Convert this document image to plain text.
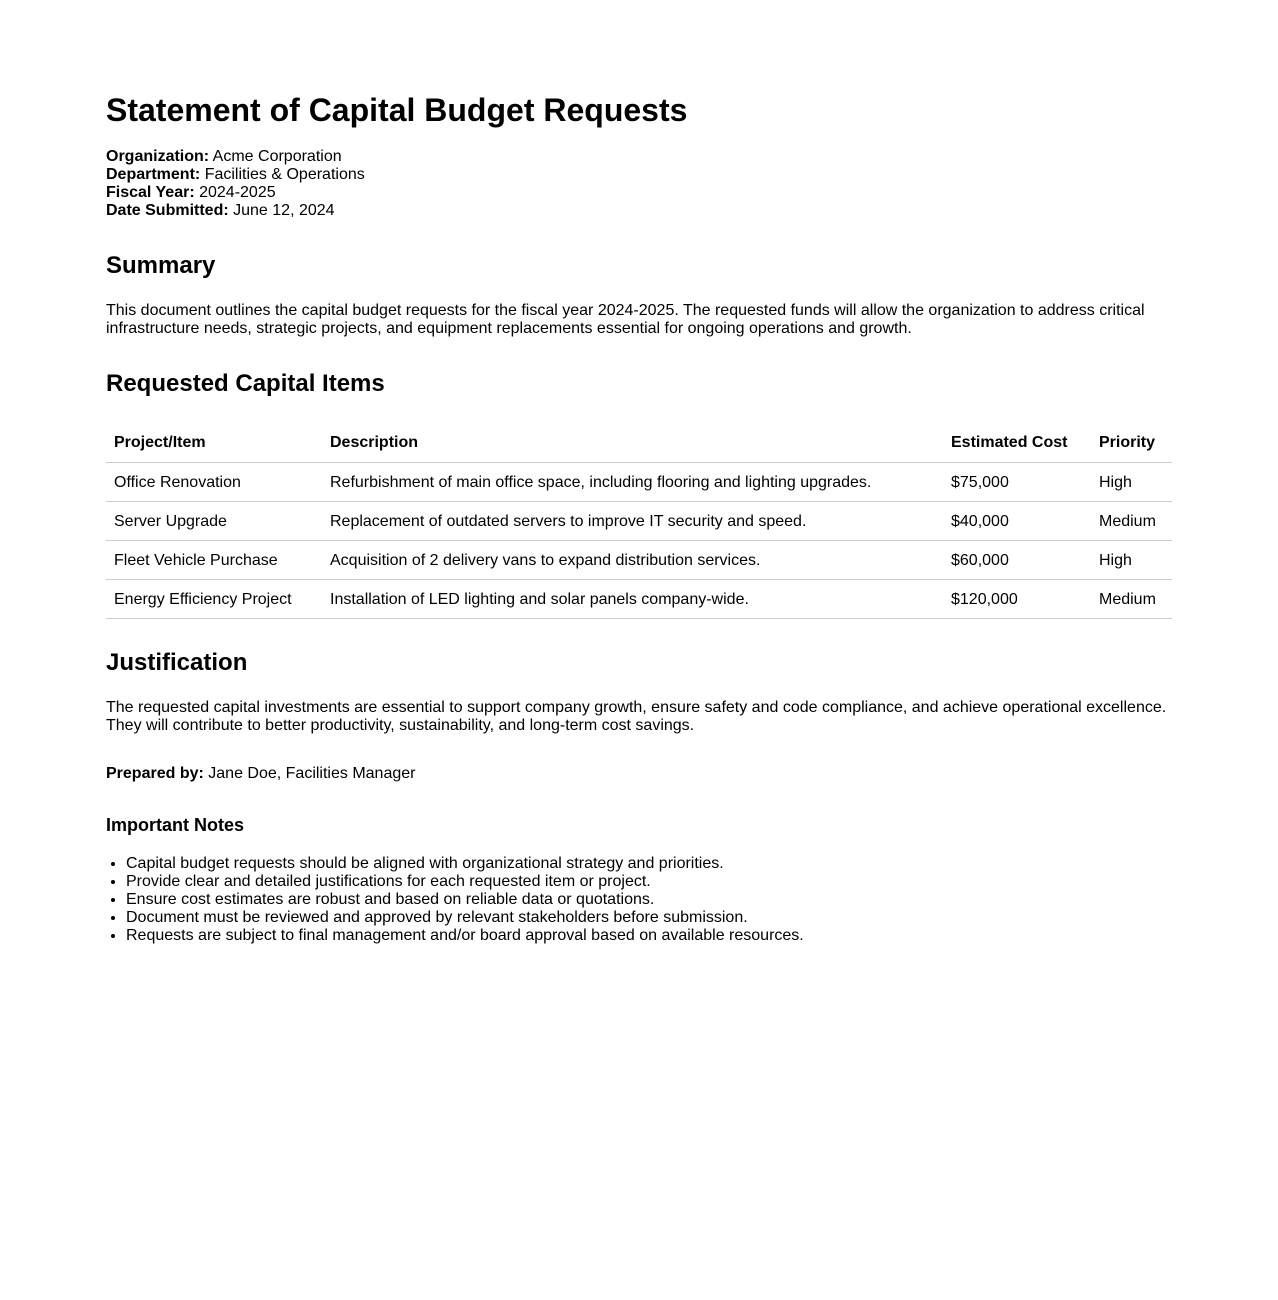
Statement of Capital Budget Requests
Organization: Acme Corporation
Department: Facilities & Operations
Fiscal Year: 2024-2025
Date Submitted: June 12, 2024
Summary

This document outlines the capital budget requests for the fiscal year 2024-2025. The requested funds will allow the organization to address critical infrastructure needs, strategic projects, and equipment replacements essential for ongoing operations and growth.

Requested Capital Items
Project/Item	Description	Estimated Cost	Priority
Office Renovation	Refurbishment of main office space, including flooring and lighting upgrades.	$75,000	High
Server Upgrade	Replacement of outdated servers to improve IT security and speed.	$40,000	Medium
Fleet Vehicle Purchase	Acquisition of 2 delivery vans to expand distribution services.	$60,000	High
Energy Efficiency Project	Installation of LED lighting and solar panels company-wide.	$120,000	Medium
Justification

The requested capital investments are essential to support company growth, ensure safety and code compliance, and achieve operational excellence. They will contribute to better productivity, sustainability, and long-term cost savings.

Prepared by: Jane Doe, Facilities Manager

Important Notes
• Capital budget requests should be aligned with organizational strategy and priorities.
• Provide clear and detailed justifications for each requested item or project.
• Ensure cost estimates are robust and based on reliable data or quotations.
• Document must be reviewed and approved by relevant stakeholders before submission.
• Requests are subject to final management and/or board approval based on available resources.
